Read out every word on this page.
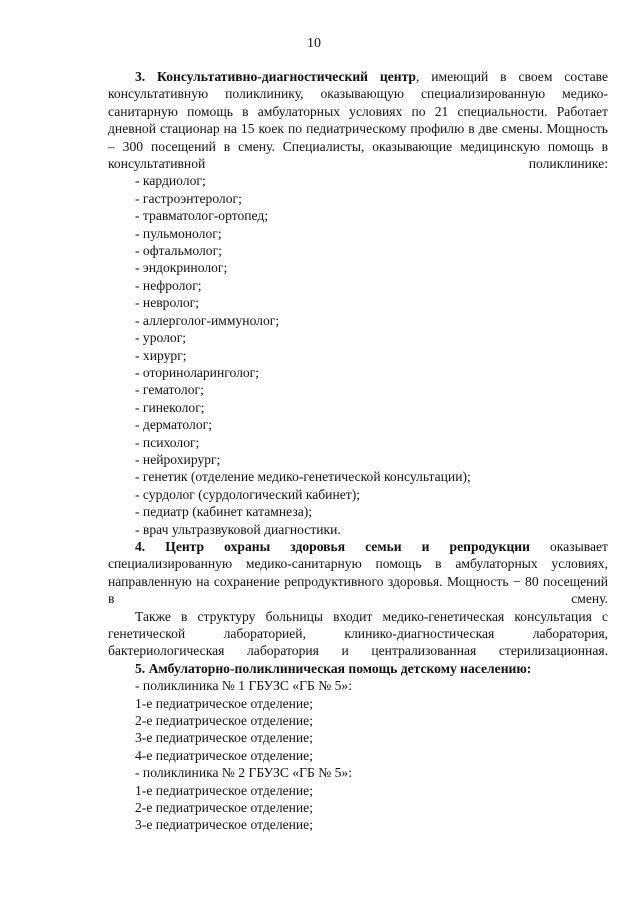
10

3. Консультативно-диагностический центр, имеющий в своем составе консультативную поликлинику, оказывающую специализированную медико-санитарную помощь в амбулаторных условиях по 21 специальности. Работает дневной стационар на 15 коек по педиатрическому профилю в две смены. Мощность – 300 посещений в смену. Специалисты, оказывающие медицинскую помощь в консультативной поликлинике:

- кардиолог;
- гастроэнтеролог;
- травматолог-ортопед;
- пульмонолог;
- офтальмолог;
- эндокринолог;
- нефролог;
- невролог;
- аллерголог-иммунолог;
- уролог;
- хирург;
- оториноларинголог;
- гематолог;
- гинеколог;
- дерматолог;
- психолог;
- нейрохирург;
- генетик (отделение медико-генетической консультации);
- сурдолог (сурдологический кабинет);
- педиатр (кабинет катамнеза);
- врач ультразвуковой диагностики.

4. Центр охраны здоровья семьи и репродукции оказывает специализированную медико-санитарную помощь в амбулаторных условиях, направленную на сохранение репродуктивного здоровья. Мощность − 80 посещений в смену.

Также в структуру больницы входит медико-генетическая консультация с генетической лабораторией, клинико-диагностическая лаборатория, бактериологическая лаборатория и централизованная стерилизационная.

5. Амбулаторно-поликлиническая помощь детскому населению:

- поликлиника № 1 ГБУЗС «ГБ № 5»:
1-е педиатрическое отделение;
2-е педиатрическое отделение;
3-е педиатрическое отделение;
4-е педиатрическое отделение;
- поликлиника № 2 ГБУЗС «ГБ № 5»:
1-е педиатрическое отделение;
2-е педиатрическое отделение;
3-е педиатрическое отделение;
